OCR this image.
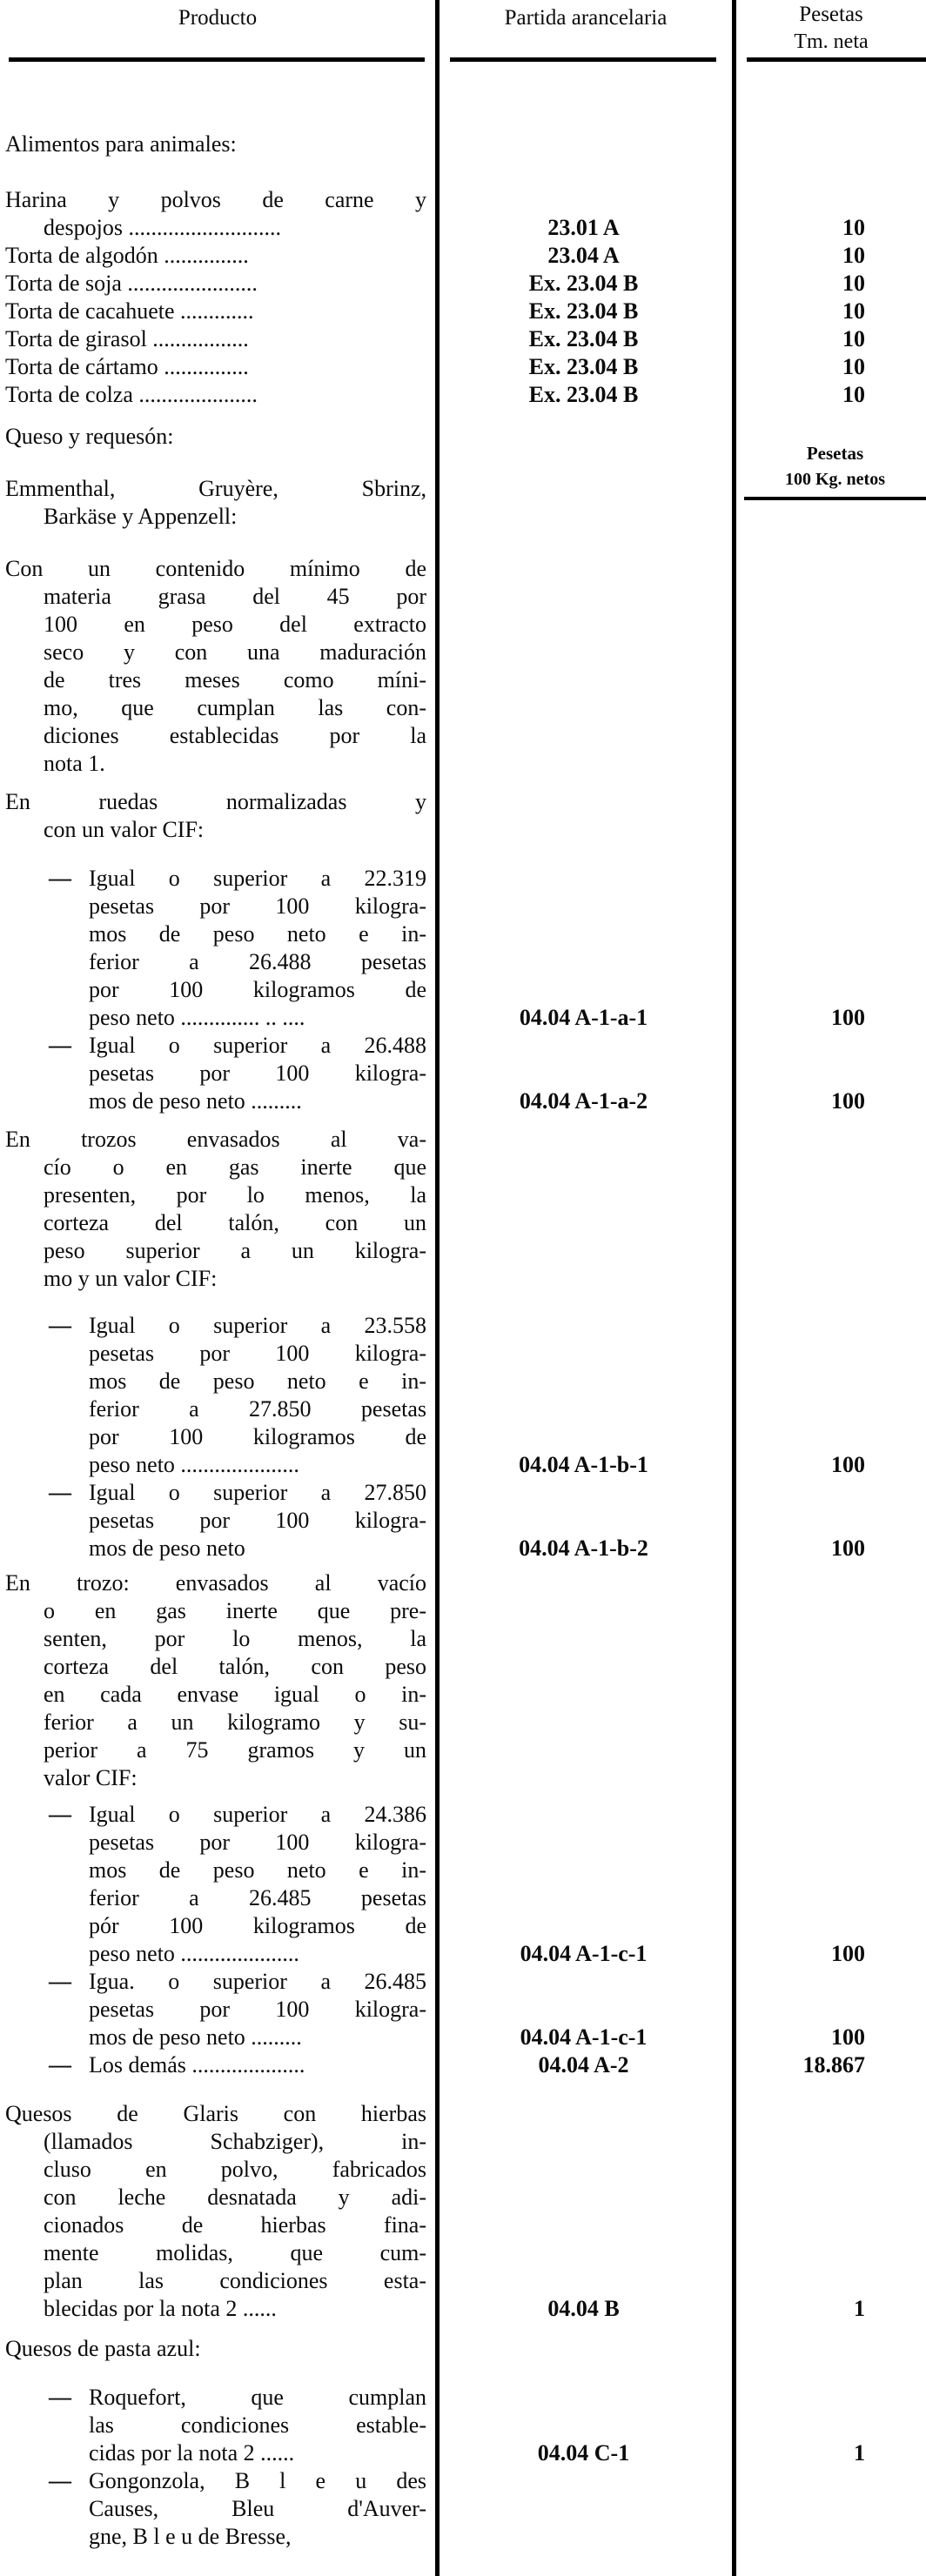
Producto	Partida arancelaria	Pesetas
Tm. neta
Alimentos para animales:
Harina y polvos de carne y
despojos ...........................	23.01 A	10
Torta de algodón ...............	23.04 A	10
Torta de soja .......................	Ex. 23.04 B	10
Torta de cacahuete .............	Ex. 23.04 B	10
Torta de girasol .................	Ex. 23.04 B	10
Torta de cártamo ...............	Ex. 23.04 B	10
Torta de colza .....................	Ex. 23.04 B	10
Queso y requesón:
Pesetas
100 Kg. netos
Emmenthal, Gruyère, Sbrinz,
Barkäse y Appenzell:
Con un contenido mínimo de
materia grasa del 45 por
100 en peso del extracto
seco y con una maduración
de tres meses como míni-
mo, que cumplan las con-
diciones establecidas por la
nota 1.
En ruedas normalizadas y
con un valor CIF:
— Igual o superior a 22.319
pesetas por 100 kilogra-
mos de peso neto e in-
ferior a 26.488 pesetas
por 100 kilogramos de
peso neto .............. .. ....	04.04 A-1-a-1	100
— Igual o superior a 26.488
pesetas por 100 kilogra-
mos de peso neto .........	04.04 A-1-a-2	100
En trozos envasados al va-
cío o en gas inerte que
presenten, por lo menos, la
corteza del talón, con un
peso superior a un kilogra-
mo y un valor CIF:
— Igual o superior a 23.558
pesetas por 100 kilogra-
mos de peso neto e in-
ferior a 27.850 pesetas
por 100 kilogramos de
peso neto .....................	04.04 A-1-b-1	100
— Igual o superior a 27.850
pesetas por 100 kilogra-
mos de peso neto	04.04 A-1-b-2	100
En trozo: envasados al vacío
o en gas inerte que pre-
senten, por lo menos, la
corteza del talón, con peso
en cada envase igual o in-
ferior a un kilogramo y su-
perior a 75 gramos y un
valor CIF:
— Igual o superior a 24.386
pesetas por 100 kilogra-
mos de peso neto e in-
ferior a 26.485 pesetas
pór 100 kilogramos de
peso neto .....................	04.04 A-1-c-1	100
— Igua. o superior a 26.485
pesetas por 100 kilogra-
mos de peso neto .........	04.04 A-1-c-1	100
— Los demás ....................	04.04 A-2	18.867
Quesos de Glaris con hierbas
(llamados Schabziger), in-
cluso en polvo, fabricados
con leche desnatada y adi-
cionados de hierbas fina-
mente molidas, que cum-
plan las condiciones esta-
blecidas por la nota 2 ......	04.04 B	1
Quesos de pasta azul:
— Roquefort, que cumplan
las condiciones estable-
cidas por la nota 2 ......	04.04 C-1	1
— Gongonzola, B l e u des
Causes, Bleu d'Auver-
gne, B l e u de Bresse,
